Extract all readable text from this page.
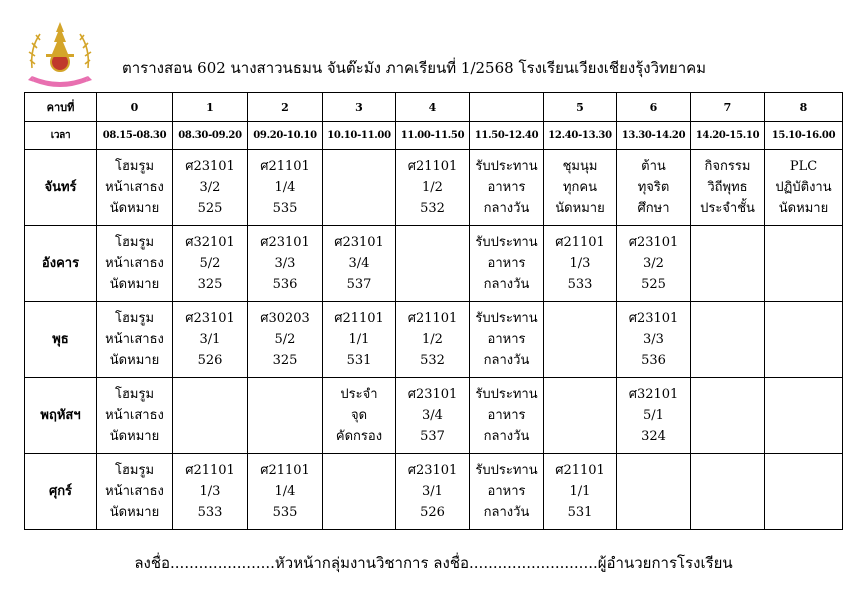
ตารางสอน 602 นางสาวนธมน จันต๊ะมัง ภาคเรียนที่ 1/2568 โรงเรียนเวียงเชียงรุ้งวิทยาคม
คาบที่	0	1	2	3	4		5	6	7	8
เวลา	08.15-08.30	08.30-09.20	09.20-10.10	10.10-11.00	11.00-11.50	11.50-12.40	12.40-13.30	13.30-14.20	14.20-15.10	15.10-16.00
จันทร์	โฮมรูม
หน้าเสาธง
นัดหมาย	ศ23101
3/2
525	ศ21101
1/4
535		ศ21101
1/2
532	รับประทาน
อาหาร
กลางวัน	ชุมนุม
ทุกคน
นัดหมาย	ต้าน
ทุจริต
ศึกษา	กิจกรรม
วิถีพุทธ
ประจำชั้น	PLC
ปฏิบัติงาน
นัดหมาย

อังคาร	โฮมรูม
หน้าเสาธง
นัดหมาย	ศ32101
5/2
325	ศ23101
3/3
536	ศ23101
3/4
537		รับประทาน
อาหาร
กลางวัน	ศ21101
1/3
533	ศ23101
3/2
525		

พุธ	โฮมรูม
หน้าเสาธง
นัดหมาย	ศ23101
3/1
526	ศ30203
5/2
325	ศ21101
1/1
531	ศ21101
1/2
532	รับประทาน
อาหาร
กลางวัน		ศ23101
3/3
536		

พฤหัสฯ	โฮมรูม
หน้าเสาธง
นัดหมาย			ประจำ
จุด
คัดกรอง	ศ23101
3/4
537	รับประทาน
อาหาร
กลางวัน		ศ32101
5/1
324		

ศุกร์	โฮมรูม
หน้าเสาธง
นัดหมาย	ศ21101
1/3
533	ศ21101
1/4
535		ศ23101
3/1
526	รับประทาน
อาหาร
กลางวัน	ศ21101
1/1
531			

ลงชื่อ......................หัวหน้ากลุ่มงานวิชาการ ลงชื่อ...........................ผู้อำนวยการโรงเรียน
